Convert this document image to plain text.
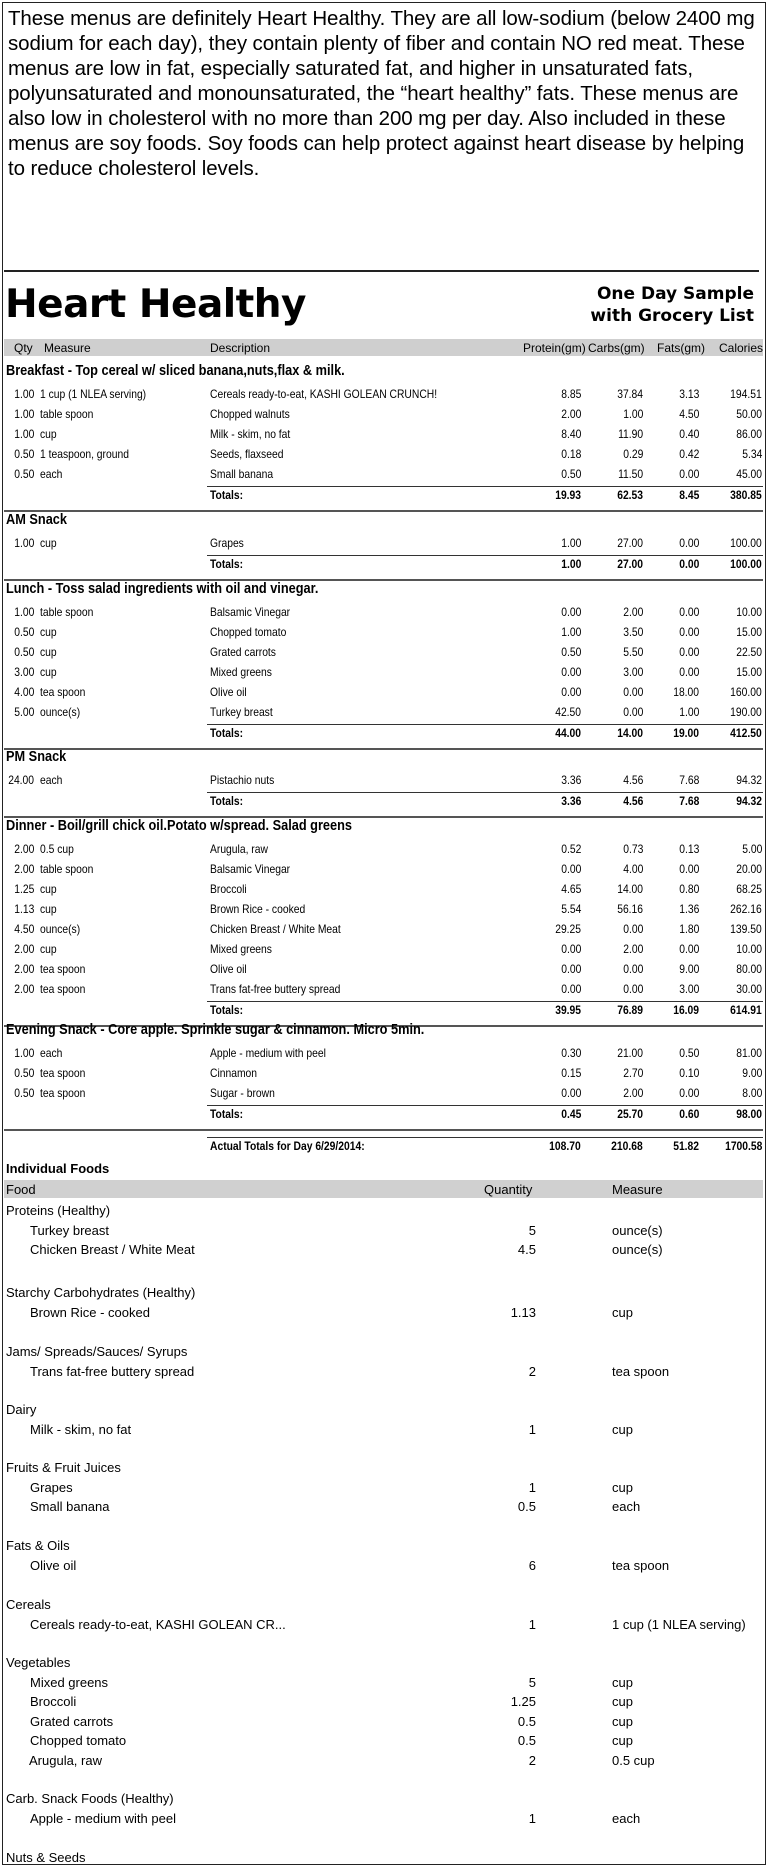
These menus are definitely Heart Healthy. They are all low-sodium (below 2400 mg sodium for each day), they contain plenty of fiber and contain NO red meat. These menus are low in fat, especially saturated fat, and higher in unsaturated fats, polyunsaturated and monounsaturated, the “heart healthy” fats. These menus are also low in cholesterol with no more than 200 mg per day. Also included in these menus are soy foods. Soy foods can help protect against heart disease by helping to reduce cholesterol levels.

Heart Healthy	One Day Sample
with Grocery List
Qty Measure	Description	Protein(gm) Carbs(gm) Fats(gm) Calories
Breakfast - Top cereal w/ sliced banana,nuts,flax & milk.
1.00 1 cup (1 NLEA serving)	Cereals ready-to-eat, KASHI GOLEAN CRUNCH!	8.85	37.84	3.13	194.51
1.00 table spoon	Chopped walnuts	2.00	1.00	4.50	50.00
1.00 cup	Milk - skim, no fat	8.40	11.90	0.40	86.00
0.50 1 teaspoon, ground	Seeds, flaxseed	0.18	0.29	0.42	5.34
0.50 each	Small banana	0.50	11.50	0.00	45.00
Totals:	19.93	62.53	8.45	380.85
AM Snack
1.00 cup	Grapes	1.00	27.00	0.00	100.00
Totals:	1.00	27.00	0.00	100.00
Lunch - Toss salad ingredients with oil and vinegar.
1.00 table spoon	Balsamic Vinegar	0.00	2.00	0.00	10.00
0.50 cup	Chopped tomato	1.00	3.50	0.00	15.00
0.50 cup	Grated carrots	0.50	5.50	0.00	22.50
3.00 cup	Mixed greens	0.00	3.00	0.00	15.00
4.00 tea spoon	Olive oil	0.00	0.00	18.00	160.00
5.00 ounce(s)	Turkey breast	42.50	0.00	1.00	190.00
Totals:	44.00	14.00	19.00	412.50
PM Snack
24.00 each	Pistachio nuts	3.36	4.56	7.68	94.32
Totals:	3.36	4.56	7.68	94.32
Dinner - Boil/grill chick oil.Potato w/spread. Salad greens
2.00 0.5 cup	Arugula, raw	0.52	0.73	0.13	5.00
2.00 table spoon	Balsamic Vinegar	0.00	4.00	0.00	20.00
1.25 cup	Broccoli	4.65	14.00	0.80	68.25
1.13 cup	Brown Rice - cooked	5.54	56.16	1.36	262.16
4.50 ounce(s)	Chicken Breast / White Meat	29.25	0.00	1.80	139.50
2.00 cup	Mixed greens	0.00	2.00	0.00	10.00
2.00 tea spoon	Olive oil	0.00	0.00	9.00	80.00
2.00 tea spoon	Trans fat-free buttery spread	0.00	0.00	3.00	30.00
Totals:	39.95	76.89	16.09	614.91
Evening Snack - Core apple. Sprinkle sugar & cinnamon. Micro 5min.
1.00 each	Apple - medium with peel	0.30	21.00	0.50	81.00
0.50 tea spoon	Cinnamon	0.15	2.70	0.10	9.00
0.50 tea spoon	Sugar - brown	0.00	2.00	0.00	8.00
Totals:	0.45	25.70	0.60	98.00
Actual Totals for Day 6/29/2014:	108.70	210.68	51.82 1700.58
Individual Foods
Food	Quantity	Measure
Proteins (Healthy)
Turkey breast	5	ounce(s)
Chicken Breast / White Meat	4.5	ounce(s)
Starchy Carbohydrates (Healthy)
Brown Rice - cooked	1.13	cup
Jams/ Spreads/Sauces/ Syrups
Trans fat-free buttery spread	2	tea spoon
Dairy
Milk - skim, no fat	1	cup
Fruits & Fruit Juices
Grapes	1	cup
Small banana	0.5	each
Fats & Oils
Olive oil	6	tea spoon
Cereals
Cereals ready-to-eat, KASHI GOLEAN CR...	1	1 cup (1 NLEA serving)
Vegetables
Mixed greens	5	cup
Broccoli	1.25	cup
Grated carrots	0.5	cup
Chopped tomato	0.5	cup
Arugula, raw	2	0.5 cup
Carb. Snack Foods (Healthy)
Apple - medium with peel	1	each
Nuts & Seeds
